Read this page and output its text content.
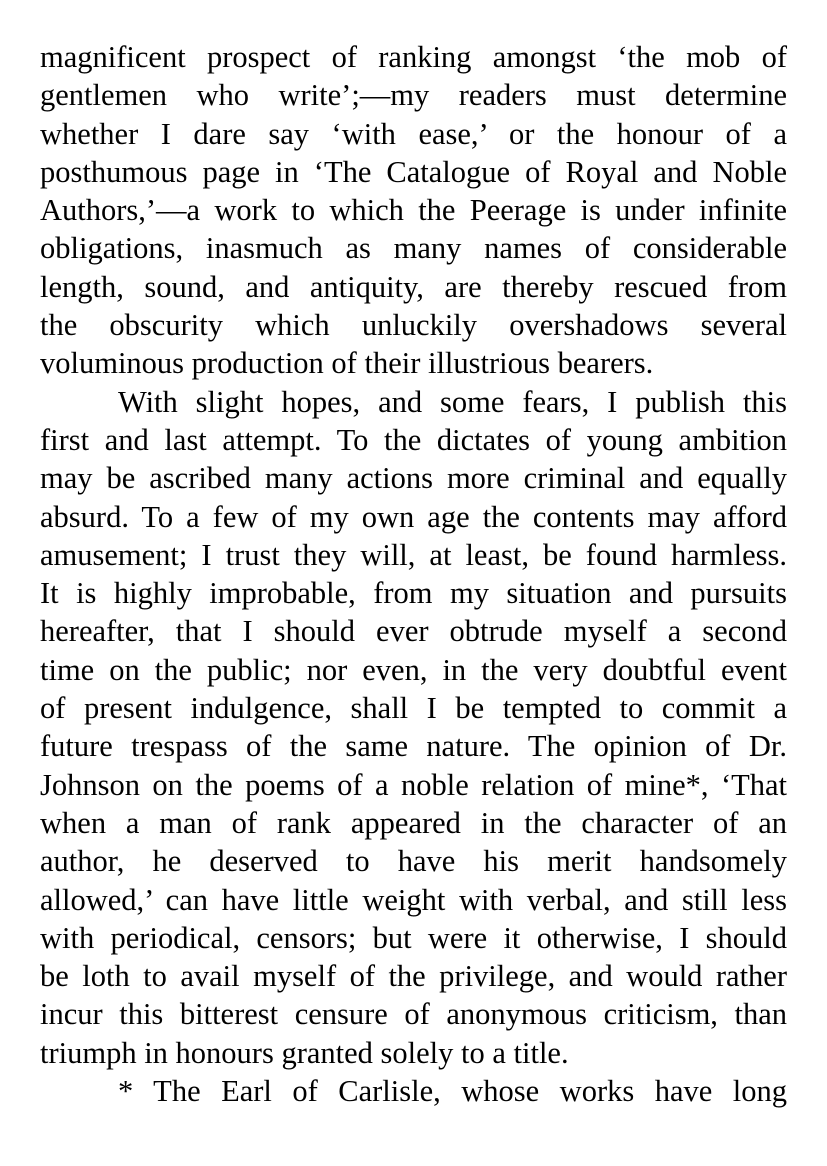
magnificent prospect of ranking amongst ‘the mob of
gentlemen who write’;—my readers must determine
whether I dare say ‘with ease,’ or the honour of a
posthumous page in ‘The Catalogue of Royal and Noble
Authors,’—a work to which the Peerage is under infinite
obligations, inasmuch as many names of considerable
length, sound, and antiquity, are thereby rescued from
the obscurity which unluckily overshadows several
voluminous production of their illustrious bearers.
With slight hopes, and some fears, I publish this
first and last attempt. To the dictates of young ambition
may be ascribed many actions more criminal and equally
absurd. To a few of my own age the contents may afford
amusement; I trust they will, at least, be found harmless.
It is highly improbable, from my situation and pursuits
hereafter, that I should ever obtrude myself a second
time on the public; nor even, in the very doubtful event
of present indulgence, shall I be tempted to commit a
future trespass of the same nature. The opinion of Dr.
Johnson on the poems of a noble relation of mine*, ‘That
when a man of rank appeared in the character of an
author, he deserved to have his merit handsomely
allowed,’ can have little weight with verbal, and still less
with periodical, censors; but were it otherwise, I should
be loth to avail myself of the privilege, and would rather
incur this bitterest censure of anonymous criticism, than
triumph in honours granted solely to a title.
* The Earl of Carlisle, whose works have long
